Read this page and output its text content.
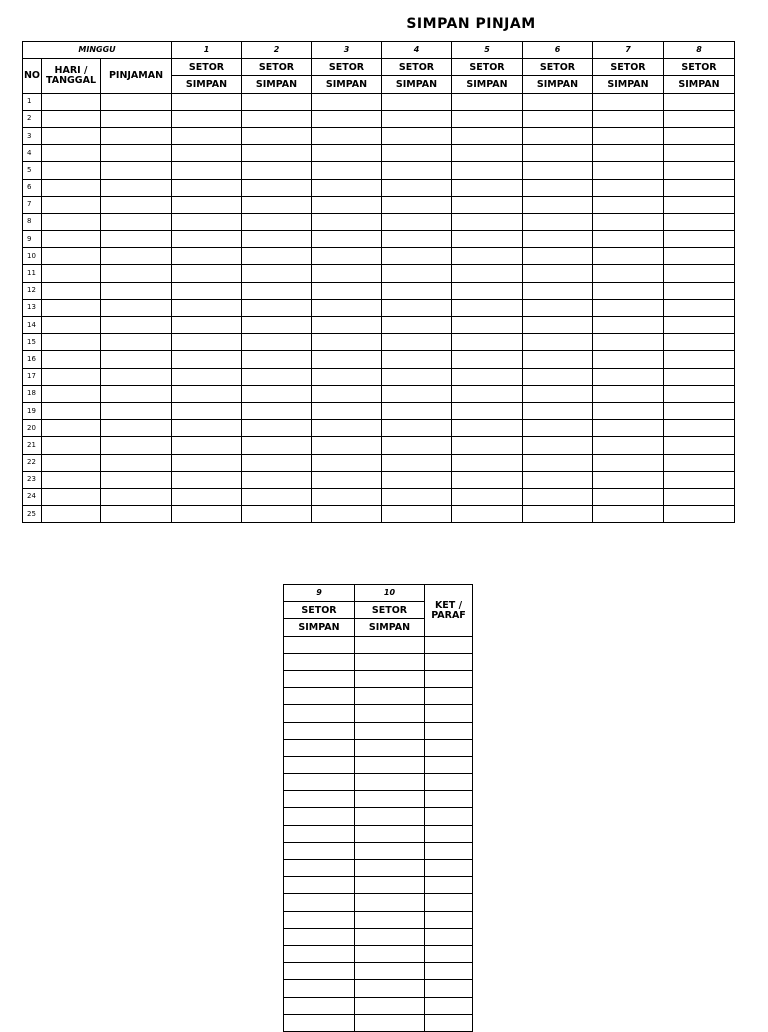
SIMPAN PINJAM
MINGGU			1	2	3	4	5	6	7	8
NO	HARI / TANGGAL	PINJAMAN	SETOR	SETOR	SETOR	SETOR	SETOR	SETOR	SETOR	SETOR
			SIMPAN	SIMPAN	SIMPAN	SIMPAN	SIMPAN	SIMPAN	SIMPAN	SIMPAN
1										
2										
3										
4										
5										
6										
7										
8										
9										
10										
11										
12										
13										
14										
15										
16										
17										
18										
19										
20										
21										
22										
23										
24										
25										
9	10	KET / PARAF
SETOR	SETOR	
SIMPAN	SIMPAN	
